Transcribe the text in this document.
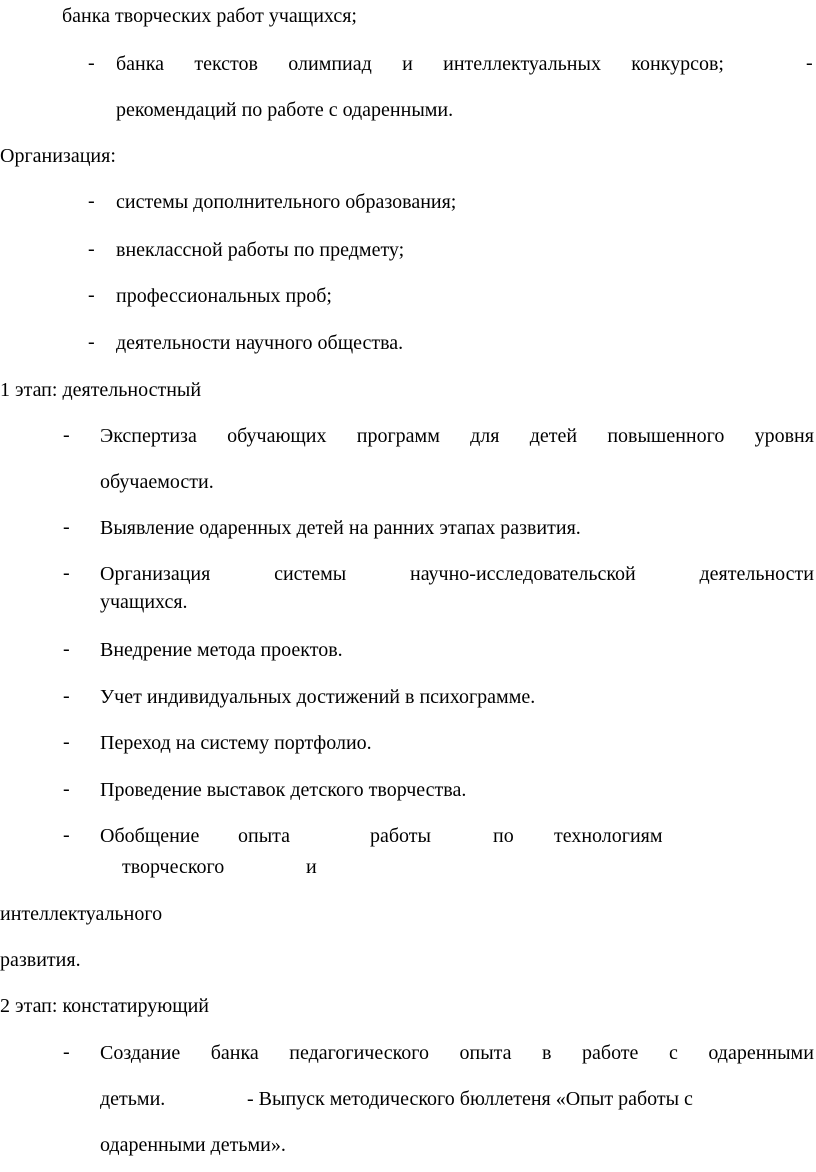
банка творческих работ учащихся;
- банка текстов олимпиад и интеллектуальных конкурсов;	-
рекомендаций по работе с одаренными.
Организация:
- системы дополнительного образования;
- внеклассной работы по предмету;
- профессиональных проб;
- деятельности научного общества.
1 этап: деятельностный
- Экспертиза обучающих программ для детей повышенного уровня
обучаемости.
- Выявление одаренных детей на ранних этапах развития.
- Организация	системы	научно-исследовательской	деятельности
учащихся.
- Внедрение метода проектов.
- Учет индивидуальных достижений в психограмме.
- Переход на систему портфолио.
- Проведение выставок детского творчества.
- Обобщение опыта	работы	по технологиям
творческого	и
интеллектуального
развития.
2 этап: констатирующий
- Создание банка педагогического опыта в работе с одаренными
детьми.	- Выпуск методического бюллетеня «Опыт работы с
одаренными детьми».
